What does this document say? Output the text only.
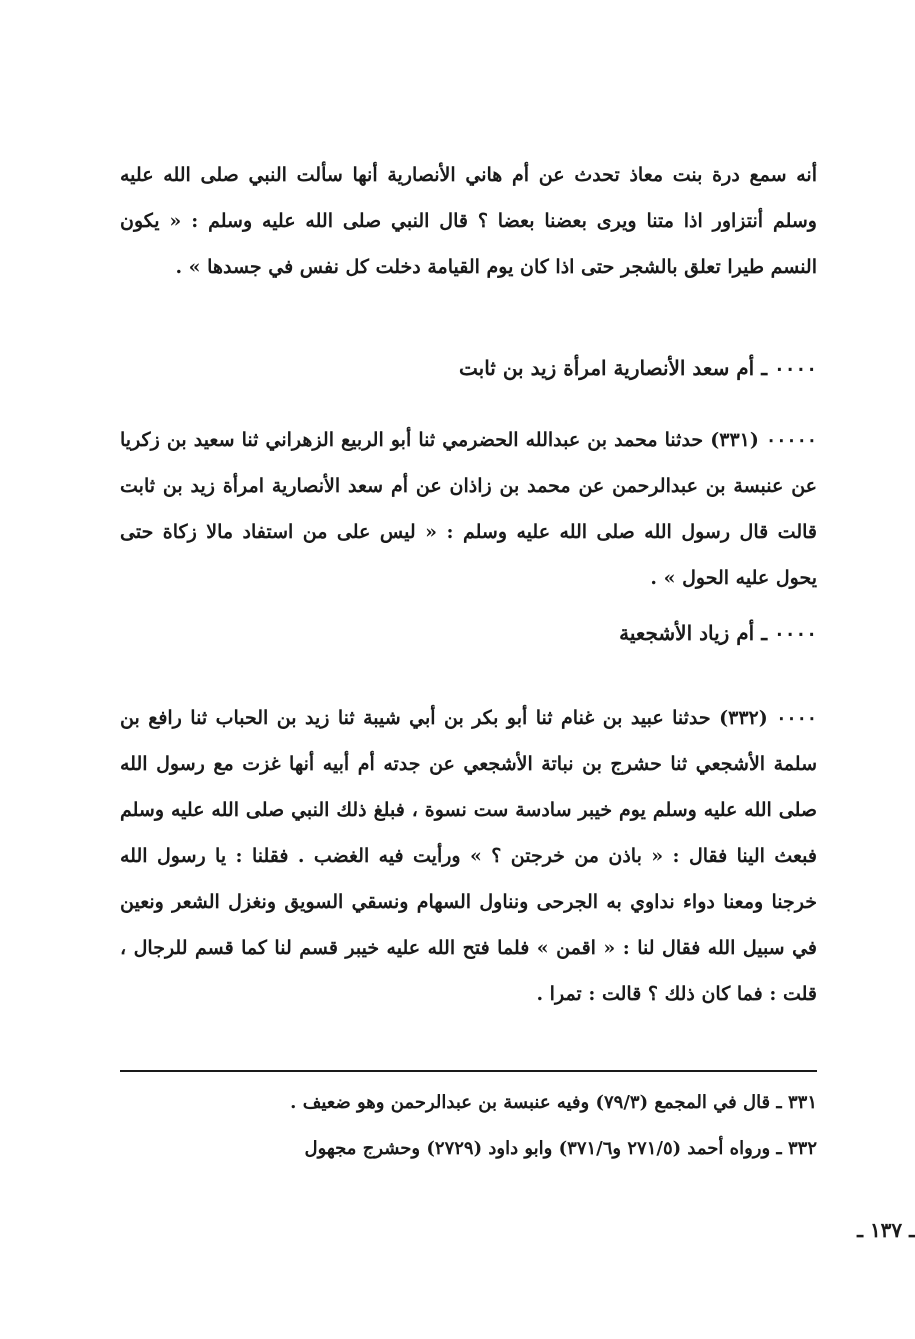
أنه سمع درة بنت معاذ تحدث عن أم هاني الأنصارية أنها سألت النبي صلى الله عليه وسلم أنتزاور اذا متنا ويرى بعضنا بعضا ؟ قال النبي صلى الله عليه وسلم : « يكون النسم طيرا تعلق بالشجر حتى اذا كان يوم القيامة دخلت كل نفس في جسدها » .
٠٠٠٠ ـ أم سعد الأنصارية امرأة زيد بن ثابت
٠٠٠٠٠ (٣٣١) حدثنا محمد بن عبدالله الحضرمي ثنا أبو الربيع الزهراني ثنا سعيد بن زكريا عن عنبسة بن عبدالرحمن عن محمد بن زاذان عن أم سعد الأنصارية امرأة زيد بن ثابت قالت قال رسول الله صلى الله عليه وسلم : « ليس على من استفاد مالا زكاة حتى يحول عليه الحول » .
٠٠٠٠ ـ أم زياد الأشجعية
٠٠٠٠ (٣٣٢) حدثنا عبيد بن غنام ثنا أبو بكر بن أبي شيبة ثنا زيد بن الحباب ثنا رافع بن سلمة الأشجعي ثنا حشرج بن نباتة الأشجعي عن جدته أم أبيه أنها غزت مع رسول الله صلى الله عليه وسلم يوم خيبر سادسة ست نسوة ، فبلغ ذلك النبي صلى الله عليه وسلم فبعث الينا فقال : « باذن من خرجتن ؟ » ورأيت فيه الغضب . فقلنا : يا رسول الله خرجنا ومعنا دواء نداوي به الجرحى ونناول السهام ونسقي السويق ونغزل الشعر ونعين في سبيل الله فقال لنا : « اقمن » فلما فتح الله عليه خيبر قسم لنا كما قسم للرجال ، قلت : فما كان ذلك ؟ قالت : تمرا .
٣٣١ ـ قال في المجمع (٧٩/٣) وفيه عنبسة بن عبدالرحمن وهو ضعيف .
٣٣٢ ـ ورواه أحمد (٢٧١/٥ و٣٧١/٦) وابو داود (٢٧٢٩) وحشرج مجهول
ـ ١٣٧ ـ
